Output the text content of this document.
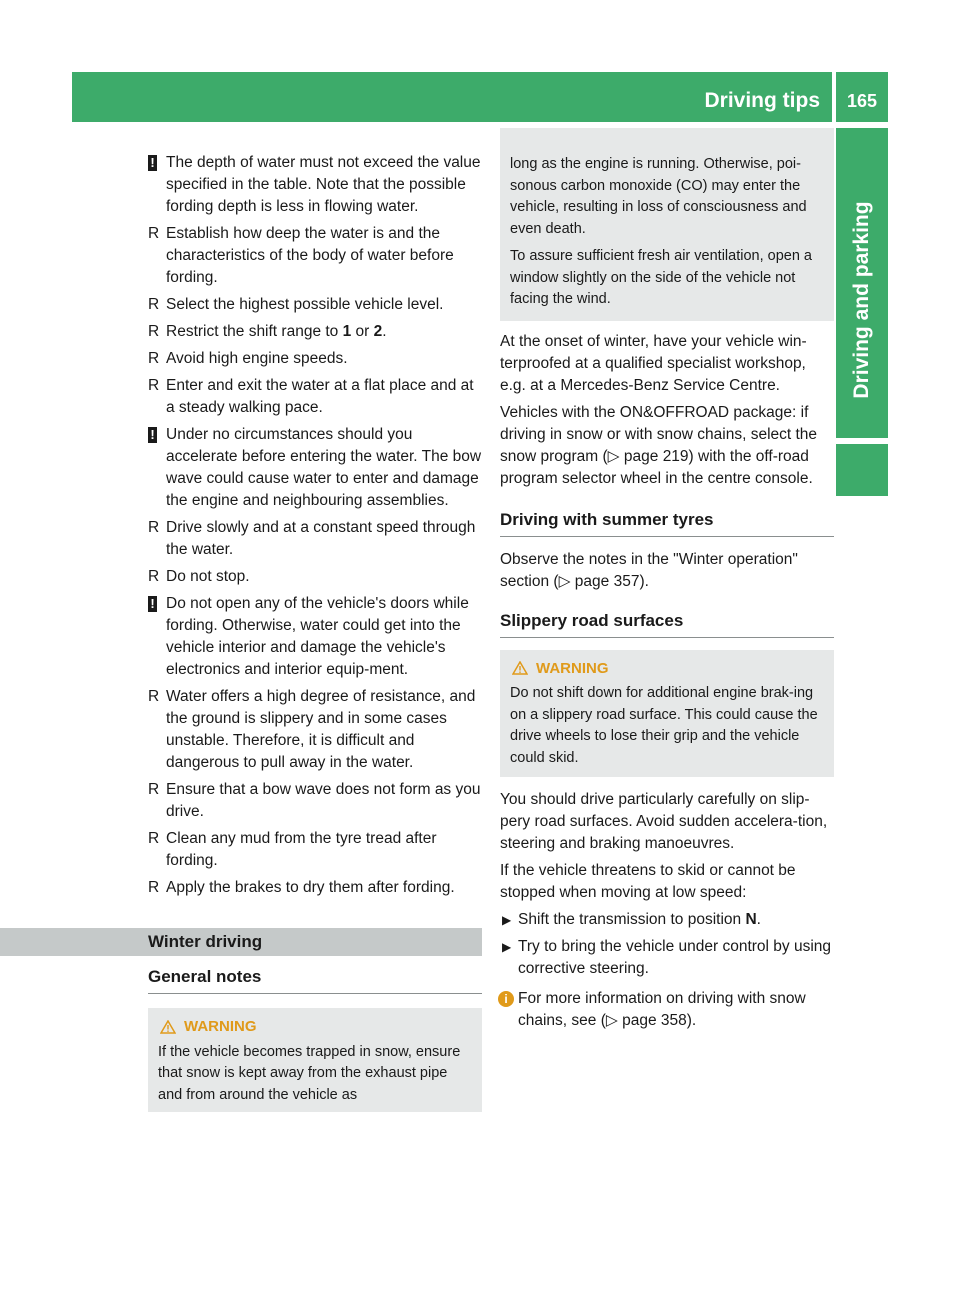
Driving tips	165
Driving and parking
! The depth of water must not exceed the value specified in the table. Note that the possible fording depth is less in flowing water.
R Establish how deep the water is and the characteristics of the body of water before fording.
R Select the highest possible vehicle level.
R Restrict the shift range to 1 or 2.
R Avoid high engine speeds.
R Enter and exit the water at a flat place and at a steady walking pace.
! Under no circumstances should you accelerate before entering the water. The bow wave could cause water to enter and damage the engine and neighbouring assemblies.
R Drive slowly and at a constant speed through the water.
R Do not stop.
! Do not open any of the vehicle's doors while fording. Otherwise, water could get into the vehicle interior and damage the vehicle's electronics and interior equip-ment.
R Water offers a high degree of resistance, and the ground is slippery and in some cases unstable. Therefore, it is difficult and dangerous to pull away in the water.
R Ensure that a bow wave does not form as you drive.
R Clean any mud from the tyre tread after fording.
R Apply the brakes to dry them after fording.
Winter driving
General notes
WARNING

If the vehicle becomes trapped in snow, ensure that snow is kept away from the exhaust pipe and from around the vehicle as

long as the engine is running. Otherwise, poi-sonous carbon monoxide (CO) may enter the vehicle, resulting in loss of consciousness and even death.

To assure sufficient fresh air ventilation, open a window slightly on the side of the vehicle not facing the wind.

At the onset of winter, have your vehicle win-terproofed at a qualified specialist workshop, e.g. at a Mercedes-Benz Service Centre.
Vehicles with the ON&OFFROAD package: if driving in snow or with snow chains, select the snow program (▷ page 219) with the off-road program selector wheel in the centre console.
Driving with summer tyres
Observe the notes in the "Winter operation" section (▷ page 357).
Slippery road surfaces
WARNING

Do not shift down for additional engine brak-ing on a slippery road surface. This could cause the drive wheels to lose their grip and the vehicle could skid.

You should drive particularly carefully on slip-pery road surfaces. Avoid sudden accelera-tion, steering and braking manoeuvres.
If the vehicle threatens to skid or cannot be stopped when moving at low speed:
▶ Shift the transmission to position N.
▶ Try to bring the vehicle under control by using corrective steering.
i For more information on driving with snow chains, see (▷ page 358).
